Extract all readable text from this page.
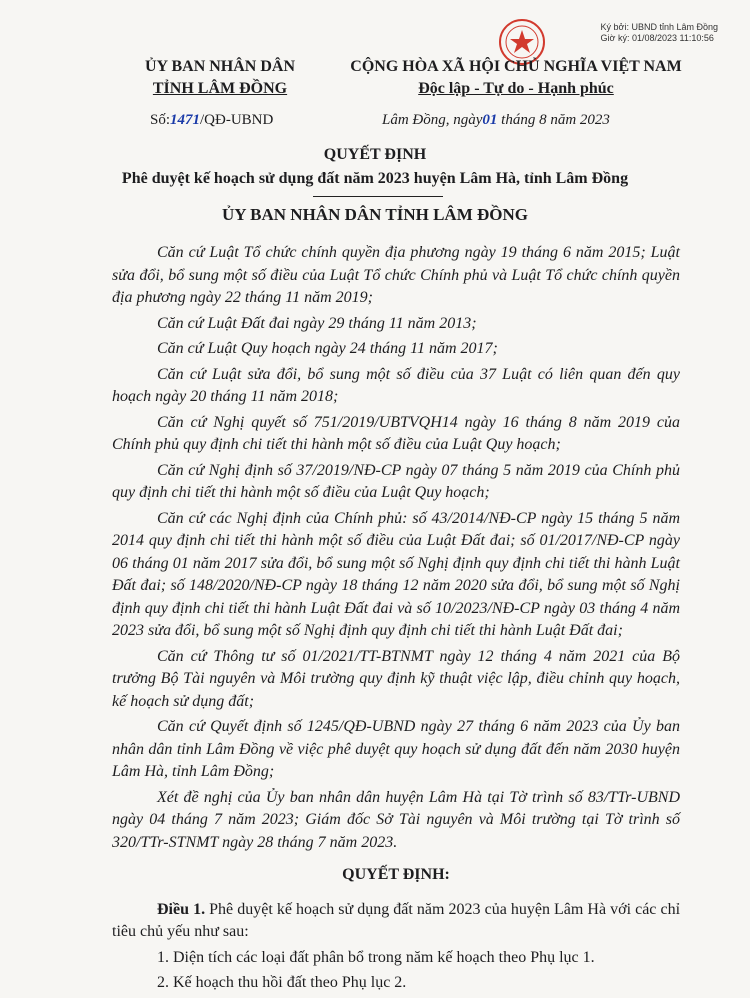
Ký bởi: UBND tỉnh Lâm Đồng
Giờ ký: 01/08/2023 11:10:56
ỦY BAN NHÂN DÂN
TỈNH LÂM ĐỒNG
CỘNG HÒA XÃ HỘI CHỦ NGHĨA VIỆT NAM
Độc lập - Tự do - Hạnh phúc
Số:1471/QĐ-UBND	Lâm Đồng, ngày01 tháng 8 năm 2023
QUYẾT ĐỊNH
Phê duyệt kế hoạch sử dụng đất năm 2023 huyện Lâm Hà, tỉnh Lâm Đồng
ỦY BAN NHÂN DÂN TỈNH LÂM ĐỒNG

Căn cứ Luật Tổ chức chính quyền địa phương ngày 19 tháng 6 năm 2015; Luật sửa đổi, bổ sung một số điều của Luật Tổ chức Chính phủ và Luật Tổ chức chính quyền địa phương ngày 22 tháng 11 năm 2019;

Căn cứ Luật Đất đai ngày 29 tháng 11 năm 2013;

Căn cứ Luật Quy hoạch ngày 24 tháng 11 năm 2017;

Căn cứ Luật sửa đổi, bổ sung một số điều của 37 Luật có liên quan đến quy hoạch ngày 20 tháng 11 năm 2018;

Căn cứ Nghị quyết số 751/2019/UBTVQH14 ngày 16 tháng 8 năm 2019 của Chính phủ quy định chi tiết thi hành một số điều của Luật Quy hoạch;

Căn cứ Nghị định số 37/2019/NĐ-CP ngày 07 tháng 5 năm 2019 của Chính phủ quy định chi tiết thi hành một số điều của Luật Quy hoạch;

Căn cứ các Nghị định của Chính phủ: số 43/2014/NĐ-CP ngày 15 tháng 5 năm 2014 quy định chi tiết thi hành một số điều của Luật Đất đai; số 01/2017/NĐ-CP ngày 06 tháng 01 năm 2017 sửa đổi, bổ sung một số Nghị định quy định chi tiết thi hành Luật Đất đai; số 148/2020/NĐ-CP ngày 18 tháng 12 năm 2020 sửa đổi, bổ sung một số Nghị định quy định chi tiết thi hành Luật Đất đai và số 10/2023/NĐ-CP ngày 03 tháng 4 năm 2023 sửa đổi, bổ sung một số Nghị định quy định chi tiết thi hành Luật Đất đai;

Căn cứ Thông tư số 01/2021/TT-BTNMT ngày 12 tháng 4 năm 2021 của Bộ trưởng Bộ Tài nguyên và Môi trường quy định kỹ thuật việc lập, điều chỉnh quy hoạch, kế hoạch sử dụng đất;

Căn cứ Quyết định số 1245/QĐ-UBND ngày 27 tháng 6 năm 2023 của Ủy ban nhân dân tỉnh Lâm Đồng về việc phê duyệt quy hoạch sử dụng đất đến năm 2030 huyện Lâm Hà, tỉnh Lâm Đồng;

Xét đề nghị của Ủy ban nhân dân huyện Lâm Hà tại Tờ trình số 83/TTr-UBND ngày 04 tháng 7 năm 2023; Giám đốc Sở Tài nguyên và Môi trường tại Tờ trình số 320/TTr-STNMT ngày 28 tháng 7 năm 2023.

QUYẾT ĐỊNH:

Điều 1. Phê duyệt kế hoạch sử dụng đất năm 2023 của huyện Lâm Hà với các chỉ tiêu chủ yếu như sau:

1. Diện tích các loại đất phân bổ trong năm kế hoạch theo Phụ lục 1.

2. Kế hoạch thu hồi đất theo Phụ lục 2.
